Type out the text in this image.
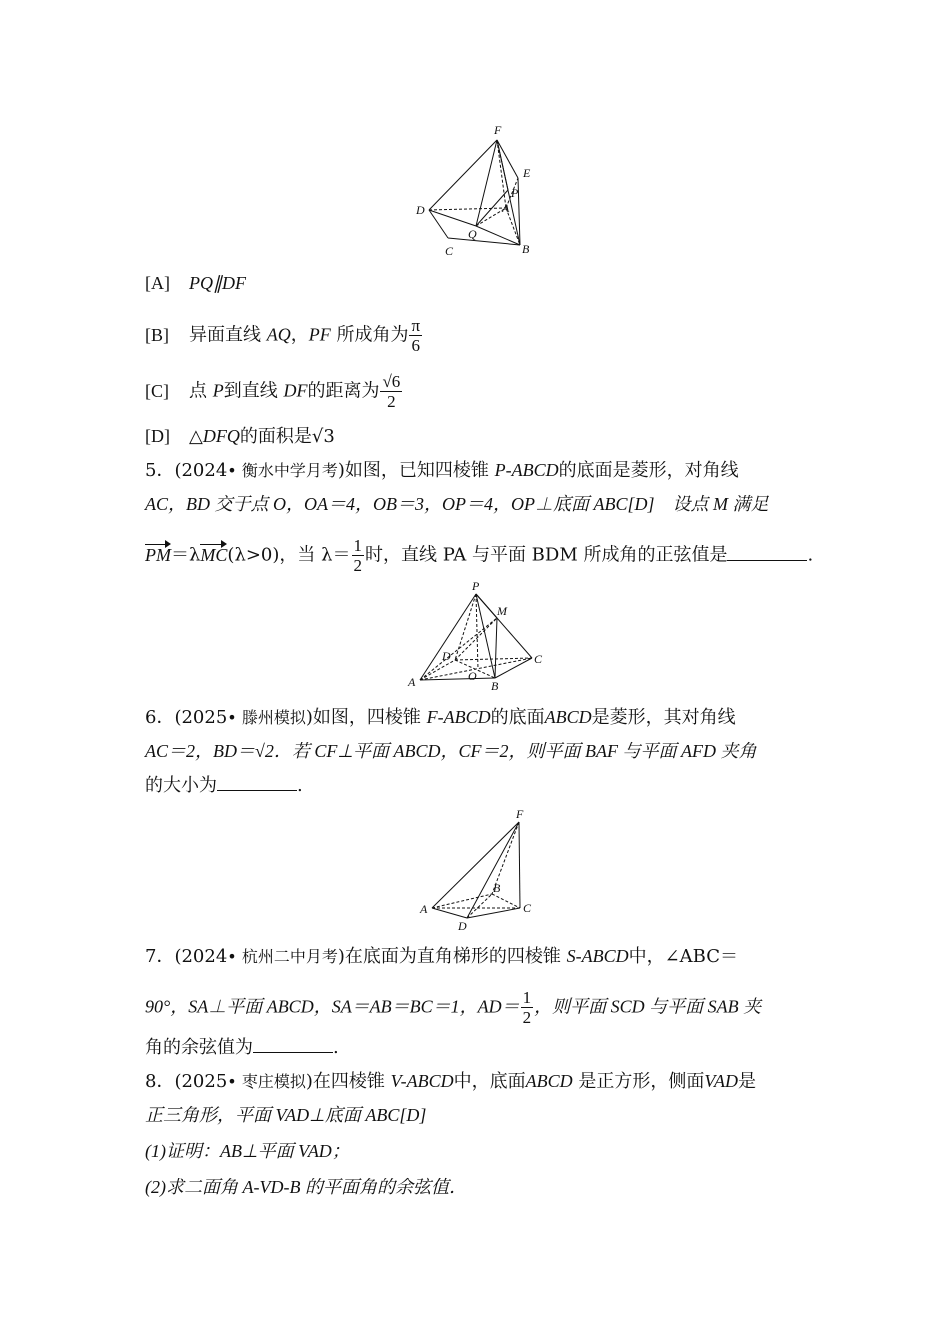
F
E
P
A
D
Q
C	B
[A] PQ∥DF
[B] 异面直线 AQ，PF 所成角为 $\frac{\pi}{6}$
[C] 点 P到直线 DF的距离为 $\frac{√6}{2}$
[D] △DFQ的面积是√3
5．(2024• 衡水中学月考)如图，已知四棱锥 P-ABCD的底面是菱形，对角线
AC，BD 交于点 O，OA＝4，OB＝3，OP＝4，OP⊥底面 ABC[D]　设点 M 满足
PM＝λMC(λ>0)，当 $\lambda= \frac{1}{2}$ 时，直线 PA 与平面 BDM 所成角的正弦值是	.
P
M
D	C
A	O
B
6．(2025• 滕州模拟)如图，四棱锥 F-ABCD的底面ABCD是菱形，其对角线
AC＝2，BD＝√2．若 CF⊥平面 ABCD，CF＝2，则平面 BAF 与平面 AFD 夹角
的大小为	.
F
B
A	C
D
7．(2024• 杭州二中月考)在底面为直角梯形的四棱锥 S-ABCD中，∠ABC＝
90°，SA⊥平面 ABCD，SA＝AB＝BC＝1，$AD= \frac{1}{2}$ ，则平面 SCD 与平面 SAB 夹
角的余弦值为	.
8．(2025• 枣庄模拟)在四棱锥 V-ABCD中，底面ABCD 是正方形，侧面VAD是
正三角形，平面 VAD⊥底面 ABC[D]
(1)证明：AB⊥平面 VAD；
(2)求二面角 A-VD-B 的平面角的余弦值．
